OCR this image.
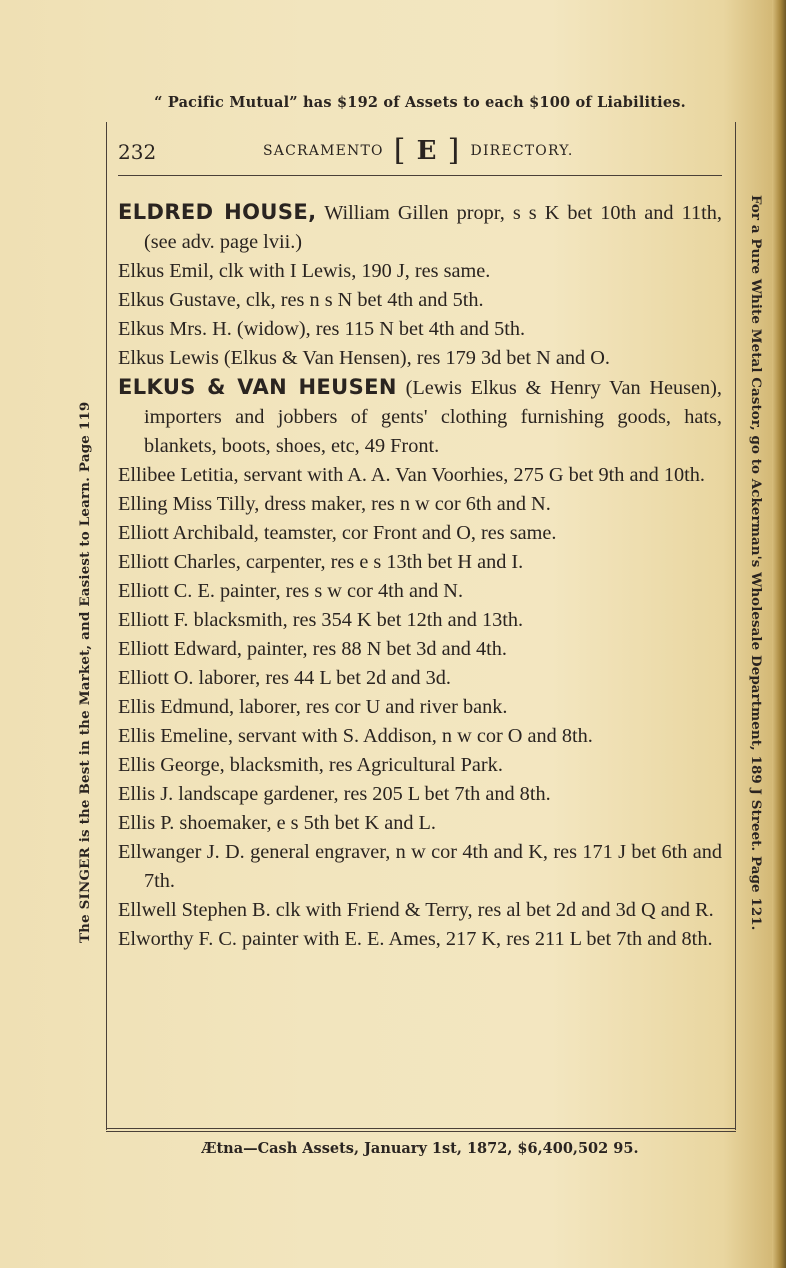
“ Pacific Mutual” has $192 of Assets to each $100 of Liabilities.
232	SACRAMENTO [ E ] DIRECTORY.
ELDRED HOUSE, William Gillen propr, s s K bet 10th and 11th, (see adv. page lvii.)
Elkus Emil, clk with I Lewis, 190 J, res same.
Elkus Gustave, clk, res n s N bet 4th and 5th.
Elkus Mrs. H. (widow), res 115 N bet 4th and 5th.
Elkus Lewis (Elkus & Van Hensen), res 179 3d bet N and O.
ELKUS & VAN HEUSEN (Lewis Elkus & Henry Van Heusen), importers and jobbers of gents' clothing furnishing goods, hats, blankets, boots, shoes, etc, 49 Front.
Ellibee Letitia, servant with A. A. Van Voorhies, 275 G bet 9th and 10th.
Elling Miss Tilly, dress maker, res n w cor 6th and N.
Elliott Archibald, teamster, cor Front and O, res same.
Elliott Charles, carpenter, res e s 13th bet H and I.
Elliott C. E. painter, res s w cor 4th and N.
Elliott F. blacksmith, res 354 K bet 12th and 13th.
Elliott Edward, painter, res 88 N bet 3d and 4th.
Elliott O. laborer, res 44 L bet 2d and 3d.
Ellis Edmund, laborer, res cor U and river bank.
Ellis Emeline, servant with S. Addison, n w cor O and 8th.
Ellis George, blacksmith, res Agricultural Park.
Ellis J. landscape gardener, res 205 L bet 7th and 8th.
Ellis P. shoemaker, e s 5th bet K and L.
Ellwanger J. D. general engraver, n w cor 4th and K, res 171 J bet 6th and 7th.
Ellwell Stephen B. clk with Friend & Terry, res al bet 2d and 3d Q and R.
Elworthy F. C. painter with E. E. Ames, 217 K, res 211 L bet 7th and 8th.
Ætna—Cash Assets, January 1st, 1872, $6,400,502 95.
The SINGER is the Best in the Market, and Easiest to Learn. Page 119	For a Pure White Metal Castor, go to Ackerman's Wholesale Department, 189 J Street. Page 121.
